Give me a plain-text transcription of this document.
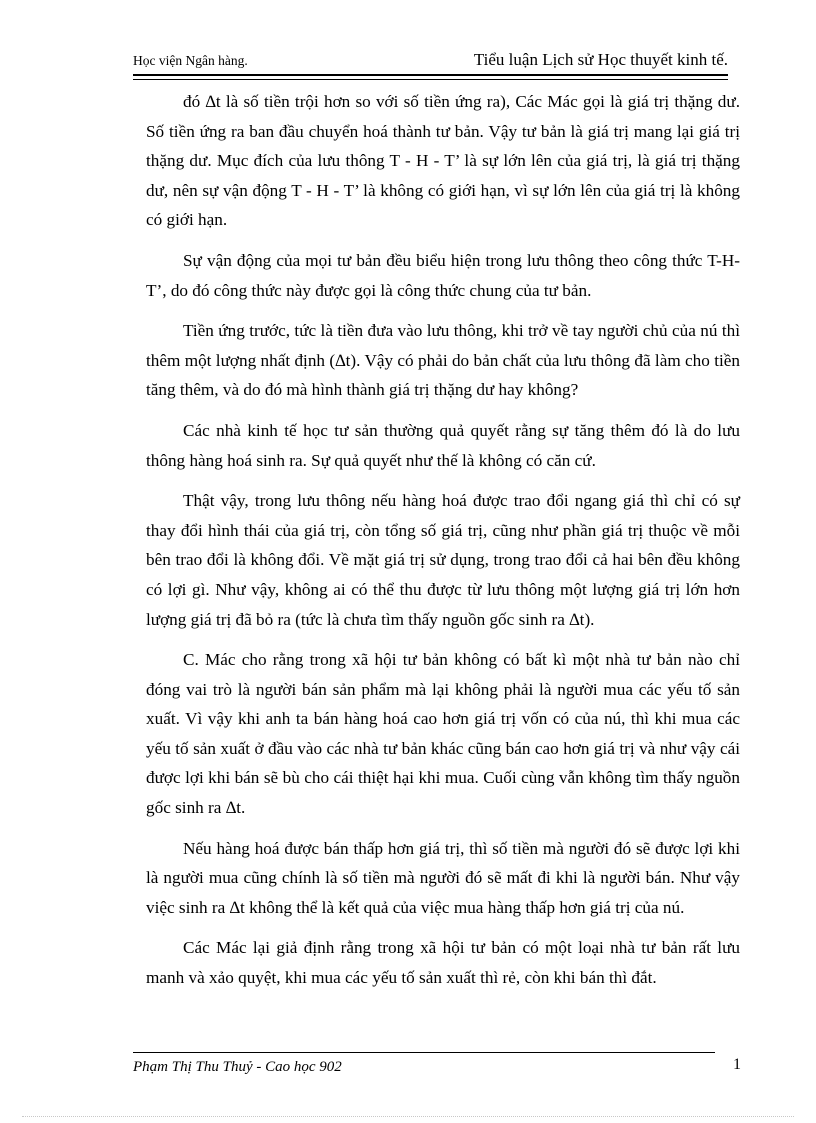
Học viện Ngân hàng.	Tiểu luận Lịch sử Học thuyết kinh tế.

đó ∆t là số tiền trội hơn so với số tiền ứng ra), Các Mác gọi là giá trị thặng dư. Số tiền ứng ra ban đầu chuyển hoá thành tư bản. Vậy tư bản là giá trị mang lại giá trị thặng dư. Mục đích của lưu thông T - H - T’ là sự lớn lên của giá trị, là giá trị thặng dư, nên sự vận động T - H - T’ là không có giới hạn, vì sự lớn lên của giá trị là không có giới hạn.

Sự vận động của mọi tư bản đều biểu hiện trong lưu thông theo công thức T-H-T’, do đó công thức này được gọi là công thức chung của tư bản.

Tiền ứng trước, tức là tiền đưa vào lưu thông, khi trở về tay người chủ của nú thì thêm một lượng nhất định (∆t). Vậy có phải do bản chất của lưu thông đã làm cho tiền tăng thêm, và do đó mà hình thành giá trị thặng dư hay không?

Các nhà kinh tế học tư sản thường quả quyết rằng sự tăng thêm đó là do lưu thông hàng hoá sinh ra. Sự quả quyết như thế là không có căn cứ.

Thật vậy, trong lưu thông nếu hàng hoá được trao đổi ngang giá thì chỉ có sự thay đổi hình thái của giá trị, còn tổng số giá trị, cũng như phần giá trị thuộc về mỗi bên trao đổi là không đổi. Về mặt giá trị sử dụng, trong trao đổi cả hai bên đều không có lợi gì. Như vậy, không ai có thể thu được từ lưu thông một lượng giá trị lớn hơn lượng giá trị đã bỏ ra (tức là chưa tìm thấy nguồn gốc sinh ra ∆t).

C. Mác cho rằng trong xã hội tư bản không có bất kì một nhà tư bản nào chỉ đóng vai trò là người bán sản phẩm mà lại không phải là người mua các yếu tố sản xuất. Vì vậy khi anh ta bán hàng hoá cao hơn giá trị vốn có của nú, thì khi mua các yếu tố sản xuất ở đầu vào các nhà tư bản khác cũng bán cao hơn giá trị và như vậy cái được lợi khi bán sẽ bù cho cái thiệt hại khi mua. Cuối cùng vẫn không tìm thấy nguồn gốc sinh ra ∆t.

Nếu hàng hoá được bán thấp hơn giá trị, thì số tiền mà người đó sẽ được lợi khi là người mua cũng chính là số tiền mà người đó sẽ mất đi khi là người bán. Như vậy việc sinh ra ∆t không thể là kết quả của việc mua hàng thấp hơn giá trị của nú.

Các Mác lại giả định rằng trong xã hội tư bản có một loại nhà tư bản rất lưu manh và xảo quyệt, khi mua các yếu tố sản xuất thì rẻ, còn khi bán thì đắt.

Phạm Thị Thu Thuỷ - Cao học 902	1
